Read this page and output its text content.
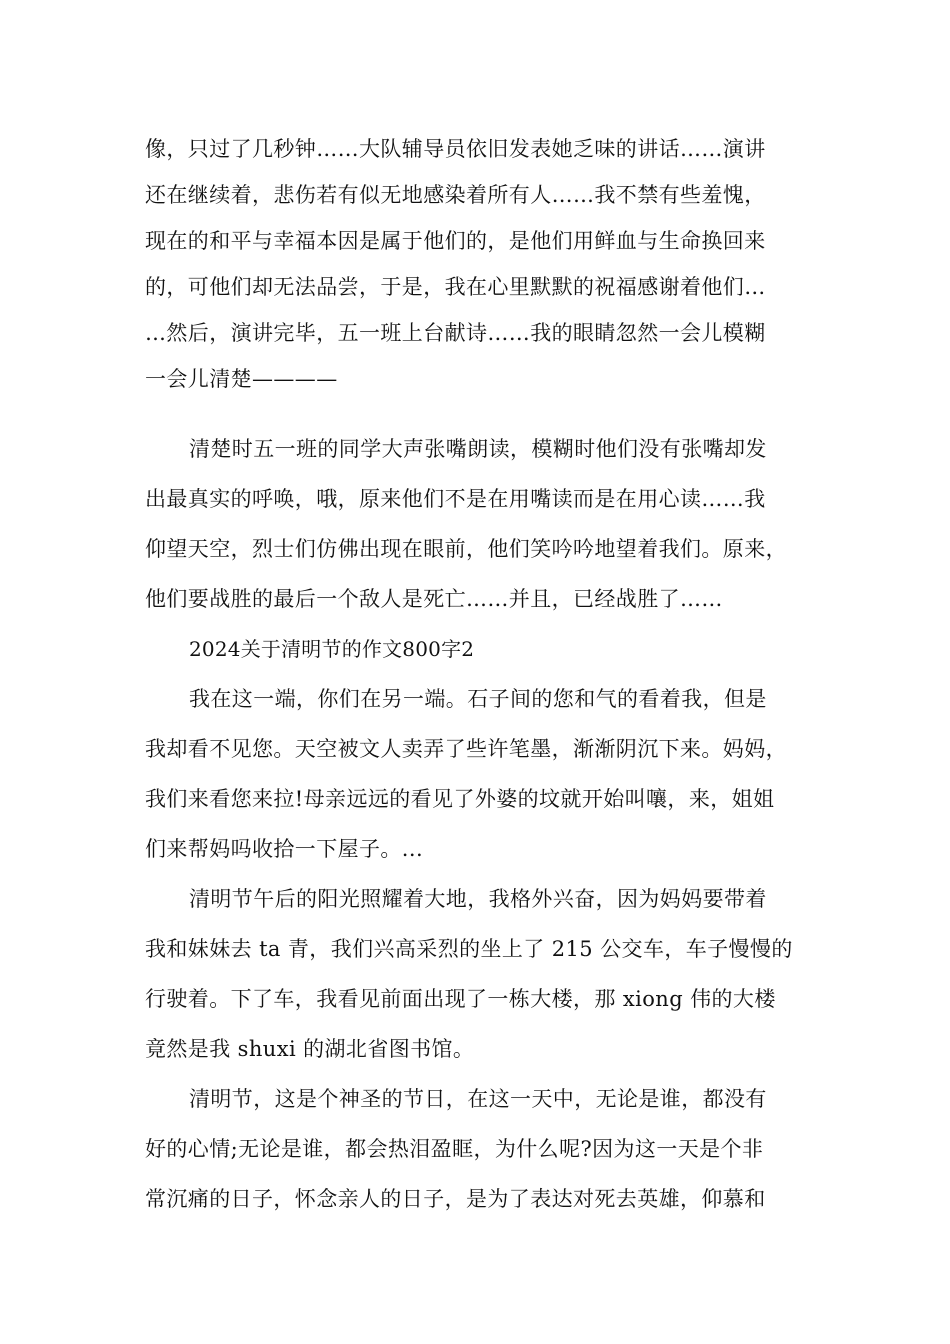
像，只过了几秒钟……大队辅导员依旧发表她乏味的讲话……演讲
还在继续着，悲伤若有似无地感染着所有人……我不禁有些羞愧，
现在的和平与幸福本因是属于他们的，是他们用鲜血与生命换回来
的，可他们却无法品尝，于是，我在心里默默的祝福感谢着他们…
…然后，演讲完毕，五一班上台献诗……我的眼睛忽然一会儿模糊
一会儿清楚————
清楚时五一班的同学大声张嘴朗读，模糊时他们没有张嘴却发
出最真实的呼唤，哦，原来他们不是在用嘴读而是在用心读……我
仰望天空，烈士们仿佛出现在眼前，他们笑吟吟地望着我们。原来，
他们要战胜的最后一个敌人是死亡……并且，已经战胜了……
2024关于清明节的作文800字2
我在这一端，你们在另一端。石子间的您和气的看着我，但是
我却看不见您。天空被文人卖弄了些许笔墨，渐渐阴沉下来。妈妈，
我们来看您来拉!母亲远远的看见了外婆的坟就开始叫嚷，来，姐姐
们来帮妈吗收拾一下屋子。...
清明节午后的阳光照耀着大地，我格外兴奋，因为妈妈要带着
我和妹妹去 ta 青，我们兴高采烈的坐上了 215 公交车，车子慢慢的
行驶着。下了车，我看见前面出现了一栋大楼，那 xiong 伟的大楼
竟然是我 shuxi 的湖北省图书馆。
清明节，这是个神圣的节日，在这一天中，无论是谁，都没有
好的心情;无论是谁，都会热泪盈眶，为什么呢?因为这一天是个非
常沉痛的日子，怀念亲人的日子，是为了表达对死去英雄，仰慕和
